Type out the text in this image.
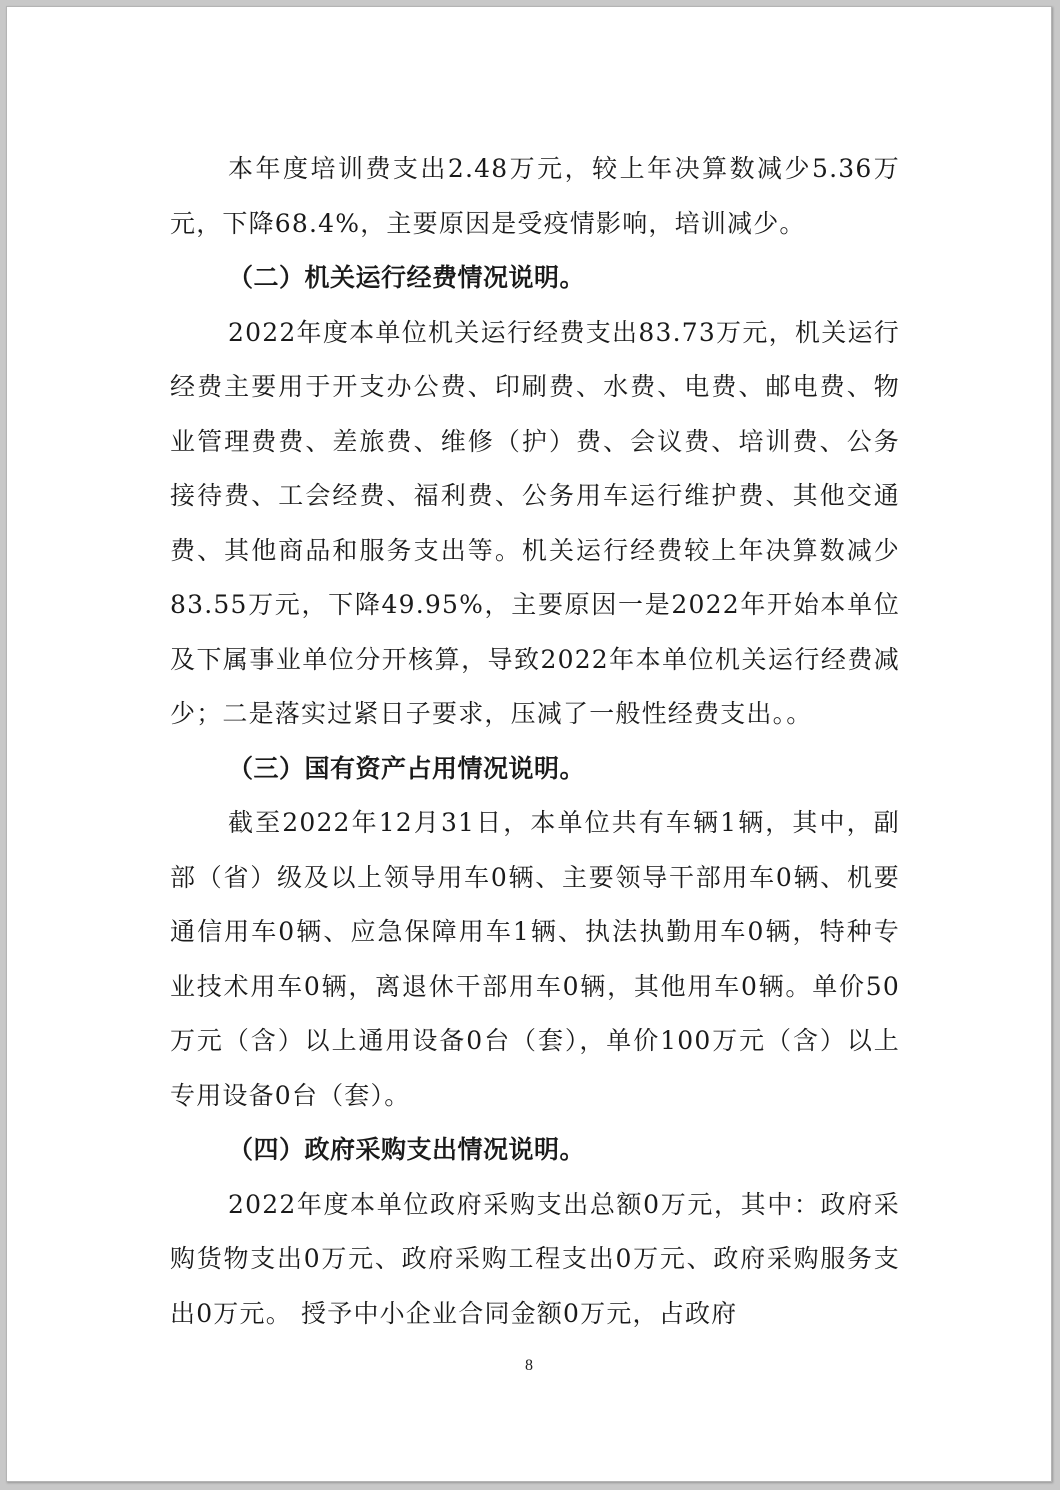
本年度培训费支出2.48万元，较上年决算数减少5.36万元，下降68.4%，主要原因是受疫情影响，培训减少。

（二）机关运行经费情况说明。

2022年度本单位机关运行经费支出83.73万元，机关运行经费主要用于开支办公费、印刷费、水费、电费、邮电费、物业管理费费、差旅费、维修（护）费、会议费、培训费、公务接待费、工会经费、福利费、公务用车运行维护费、其他交通费、其他商品和服务支出等。机关运行经费较上年决算数减少83.55万元，下降49.95%，主要原因一是2022年开始本单位及下属事业单位分开核算，导致2022年本单位机关运行经费减少；二是落实过紧日子要求，压减了一般性经费支出。。

（三）国有资产占用情况说明。

截至2022年12月31日，本单位共有车辆1辆，其中，副部（省）级及以上领导用车0辆、主要领导干部用车0辆、机要通信用车0辆、应急保障用车1辆、执法执勤用车0辆，特种专业技术用车0辆，离退休干部用车0辆，其他用车0辆。单价50万元（含）以上通用设备0台（套），单价100万元（含）以上专用设备0台（套）。

（四）政府采购支出情况说明。

2022年度本单位政府采购支出总额0万元，其中：政府采购货物支出0万元、政府采购工程支出0万元、政府采购服务支出0万元。 授予中小企业合同金额0万元，占政府

8
